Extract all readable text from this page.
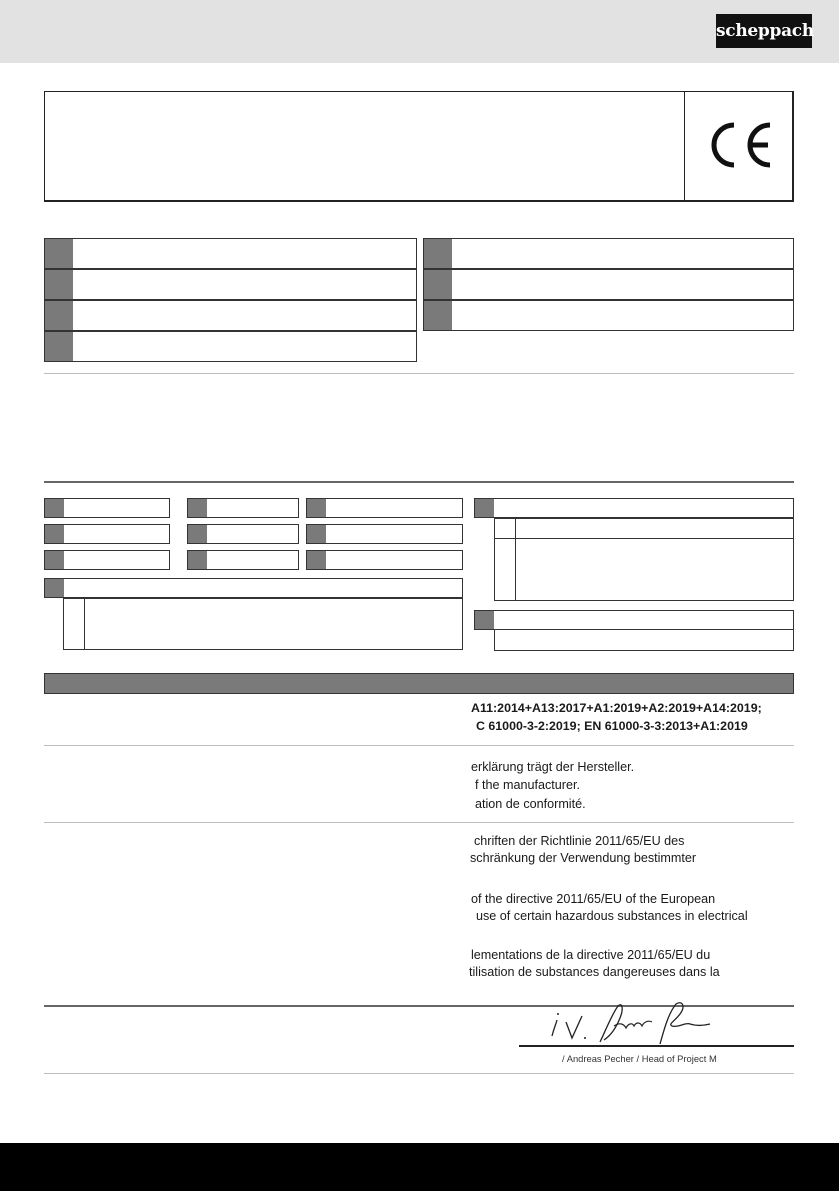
scheppach
A11:2014+A13:2017+A1:2019+A2:2019+A14:2019;
C 61000-3-2:2019; EN 61000-3-3:2013+A1:2019
erklärung trägt der Hersteller.
f the manufacturer.
ation de conformité.
chriften der Richtlinie 2011/65/EU des
schränkung der Verwendung bestimmter
of the directive 2011/65/EU of the European
use of certain hazardous substances in electrical
lementations de la directive 2011/65/EU du
tilisation de substances dangereuses dans la
/ Andreas Pecher / Head of Project M
